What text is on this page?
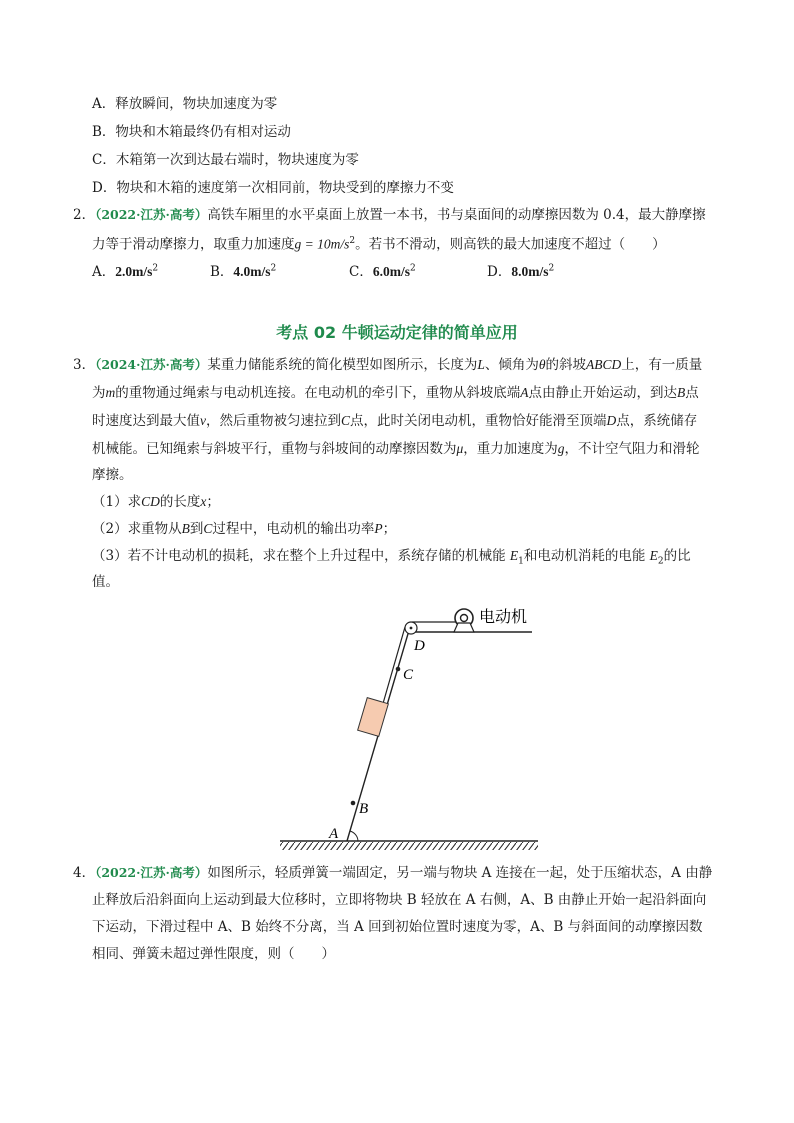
A．释放瞬间，物块加速度为零
B．物块和木箱最终仍有相对运动
C．木箱第一次到达最右端时，物块速度为零
D．物块和木箱的速度第一次相同前，物块受到的摩擦力不变
2．（2022·江苏·高考）高铁车厢里的水平桌面上放置一本书，书与桌面间的动摩擦因数为 0.4，最大静摩擦
力等于滑动摩擦力，取重力加速度$g = 10m/s^2$。若书不滑动，则高铁的最大加速度不超过（　　）
A．$2.0m/s^2$	B．$4.0m/s^2$	C．$6.0m/s^2$	D．$8.0m/s^2$
考点 02 牛顿运动定律的简单应用
3．（2024·江苏·高考）某重力储能系统的简化模型如图所示，长度为L、倾角为θ的斜坡ABCD上，有一质量
为m的重物通过绳索与电动机连接。在电动机的牵引下，重物从斜坡底端A点由静止开始运动，到达B点
时速度达到最大值v，然后重物被匀速拉到C点，此时关闭电动机，重物恰好能滑至顶端D点，系统储存
机械能。已知绳索与斜坡平行，重物与斜坡间的动摩擦因数为μ，重力加速度为g，不计空气阻力和滑轮
摩擦。
（1）求CD的长度x；
（2）求重物从B到C过程中，电动机的输出功率P；
（3）若不计电动机的损耗，求在整个上升过程中，系统存储的机械能 $E_1$和电动机消耗的电能 $E_2$的比
值。
电动机
D
C
B
A
4．（2022·江苏·高考）如图所示，轻质弹簧一端固定，另一端与物块 A 连接在一起，处于压缩状态，A 由静
止释放后沿斜面向上运动到最大位移时，立即将物块 B 轻放在 A 右侧，A、B 由静止开始一起沿斜面向
下运动，下滑过程中 A、B 始终不分离，当 A 回到初始位置时速度为零，A、B 与斜面间的动摩擦因数
相同、弹簧未超过弹性限度，则（　　）
